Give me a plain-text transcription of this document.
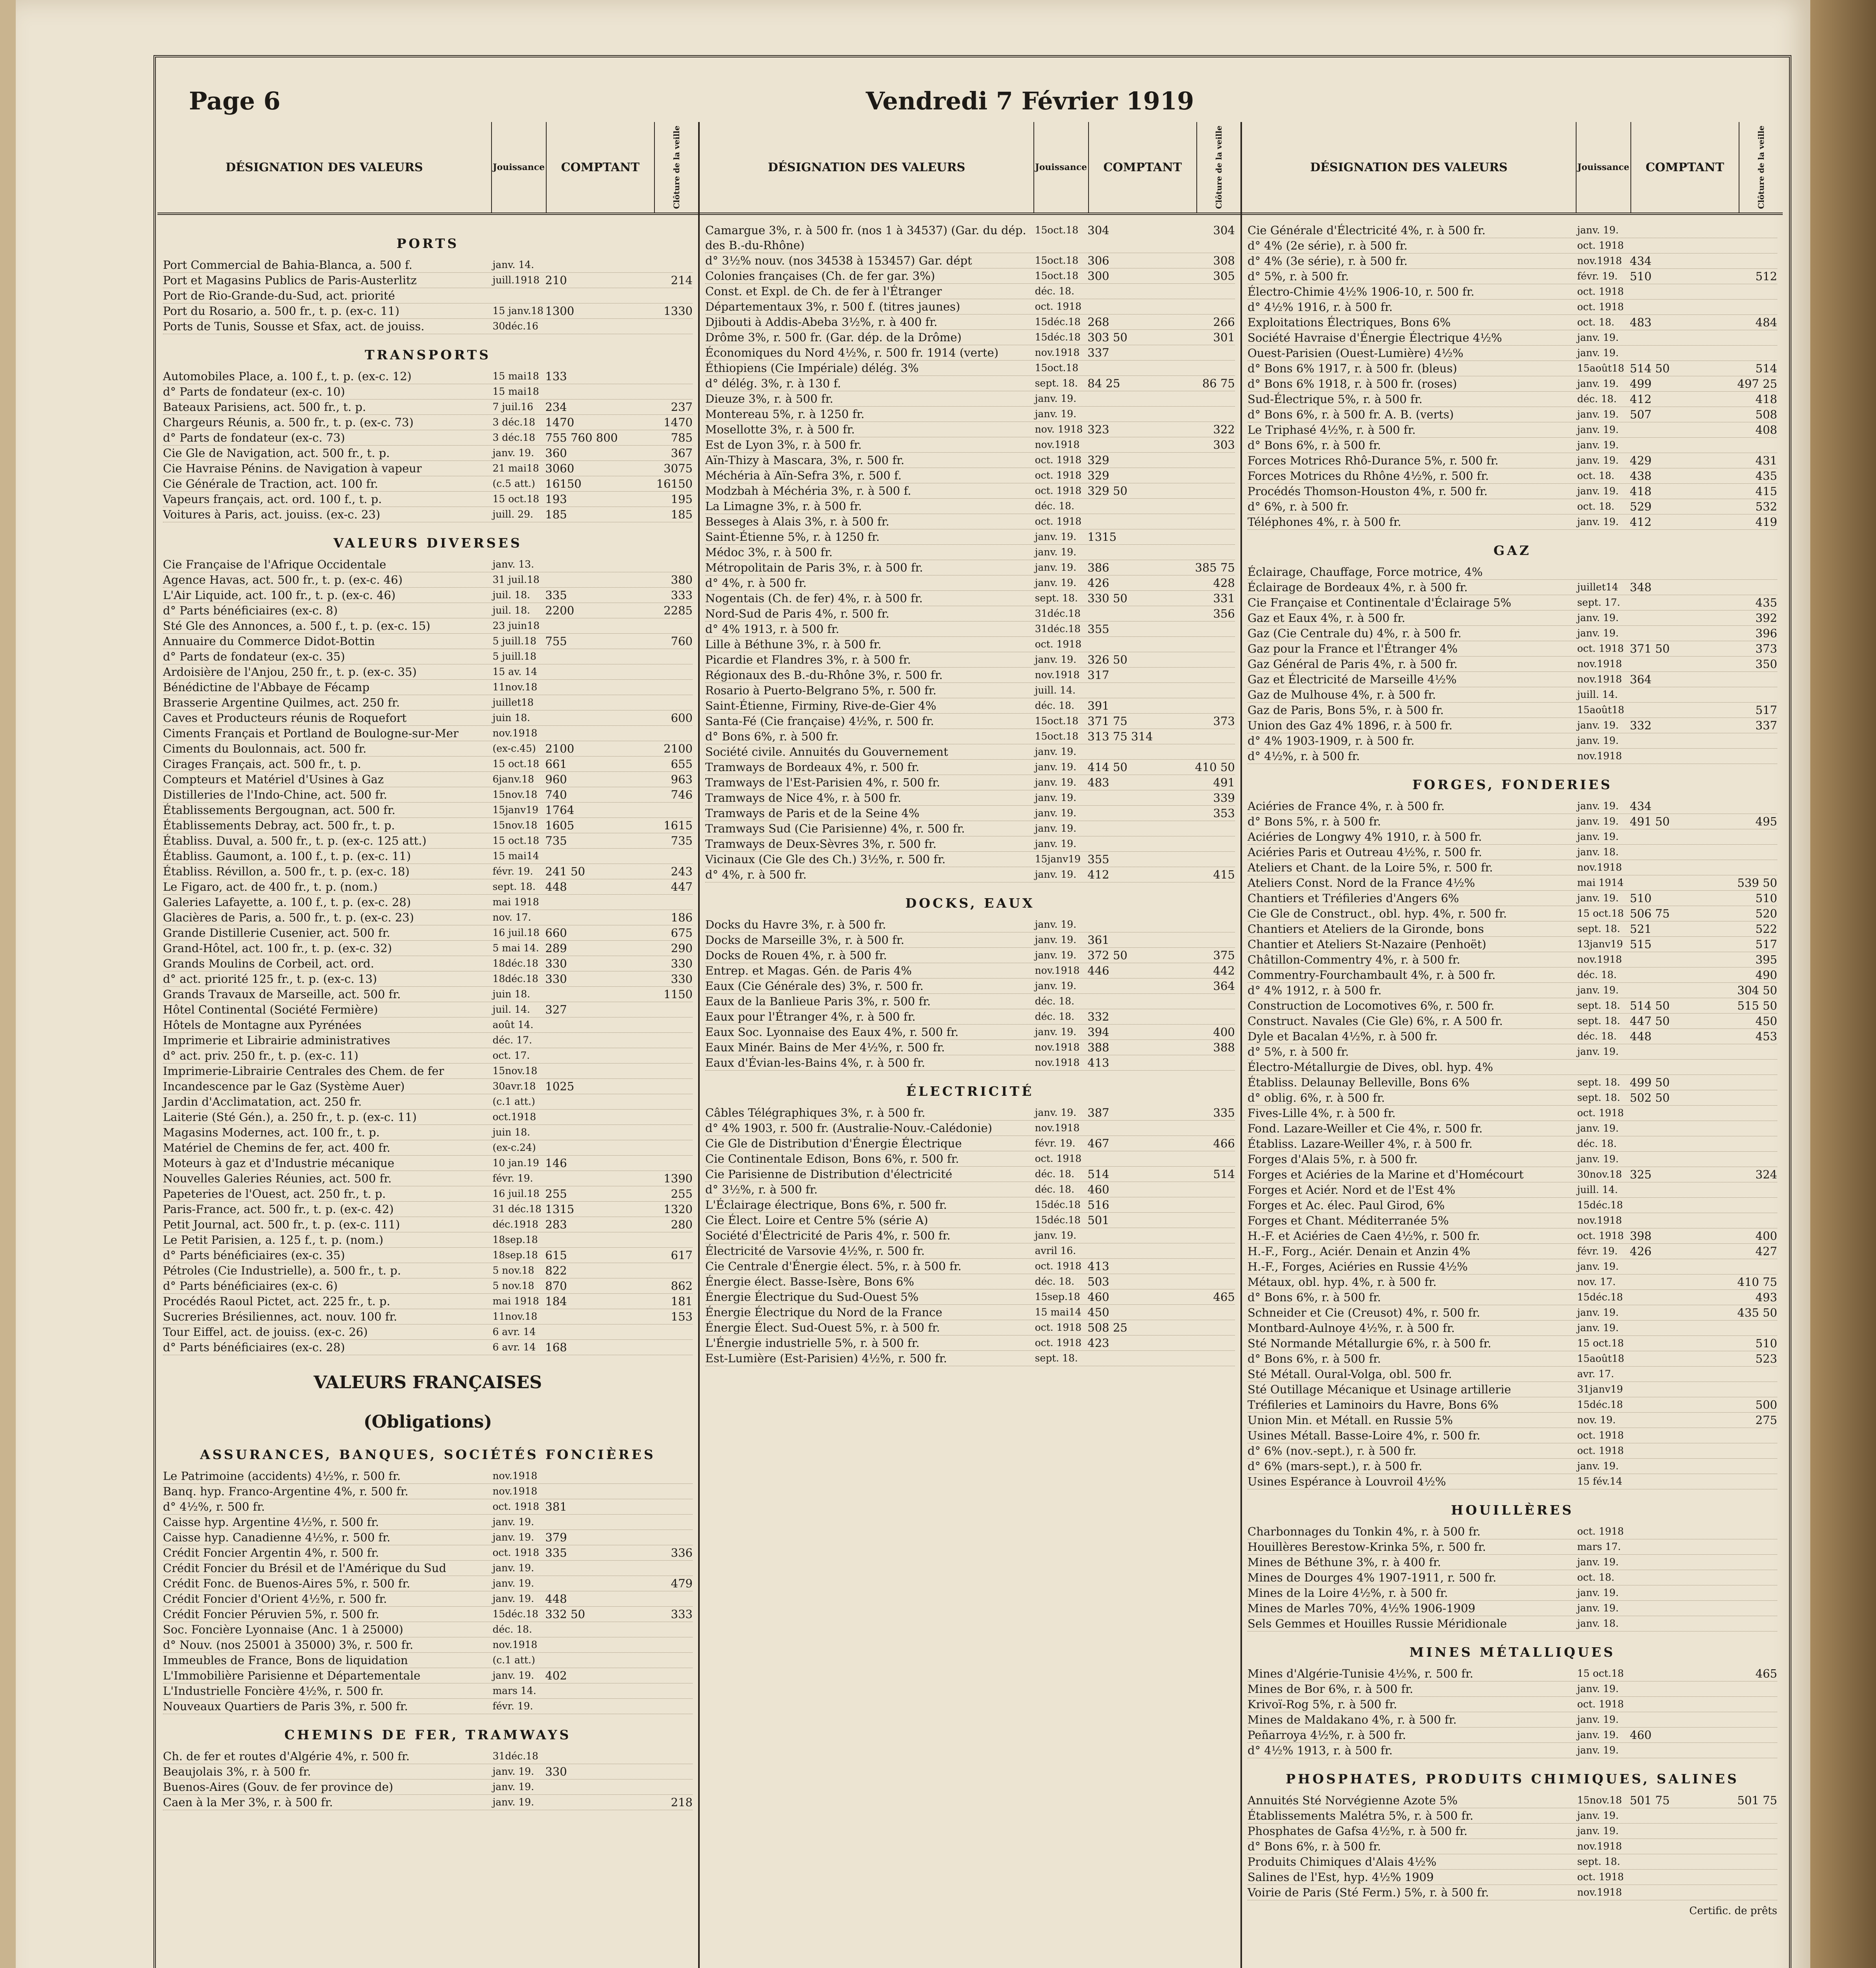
Page 6	Vendredi 7 Février 1919
DÉSIGNATION DES VALEURS	Jouissance	COMPTANT	Clôture de la veille
PORTS
Port Commercial de Bahia-Blanca, a. 500 f.	janv. 14.
Port et Magasins Publics de Paris-Austerlitz	juill.1918 210	214
Port de Rio-Grande-du-Sud, act. priorité
Port du Rosario, a. 500 fr., t. p. (ex-c. 11)	15 janv.18 1300	1330
Ports de Tunis, Sousse et Sfax, act. de jouiss.	30déc.16
TRANSPORTS
Automobiles Place, a. 100 f., t. p. (ex-c. 12)	15 mai18 133
d° Parts de fondateur (ex-c. 10)	15 mai18
Bateaux Parisiens, act. 500 fr., t. p.	7 juil.16	234	237
Chargeurs Réunis, a. 500 fr., t. p. (ex-c. 73)	3 déc.18 1470	1470
d° Parts de fondateur (ex-c. 73)	3 déc.18 755 760 800	785
Cie Gle de Navigation, act. 500 fr., t. p.	janv. 19. 360	367
Cie Havraise Pénins. de Navigation à vapeur	21 mai18 3060	3075
Cie Générale de Traction, act. 100 fr.	(c.5 att.) 16150	16150
Vapeurs français, act. ord. 100 f., t. p.	15 oct.18 193	195
Voitures à Paris, act. jouiss. (ex-c. 23)	juill. 29.	185	185
VALEURS DIVERSES
Cie Française de l'Afrique Occidentale	janv. 13.
Agence Havas, act. 500 fr., t. p. (ex-c. 46)	31 juil.18	380
L'Air Liquide, act. 100 fr., t. p. (ex-c. 46)	juil. 18.	335	333
d° Parts bénéficiaires (ex-c. 8)	juil. 18.	2200	2285
Sté Gle des Annonces, a. 500 f., t. p. (ex-c. 15)	23 juin18
Annuaire du Commerce Didot-Bottin	5 juill.18 755	760
d° Parts de fondateur (ex-c. 35)	5 juill.18
Ardoisière de l'Anjou, 250 fr., t. p. (ex-c. 35)	15 av. 14
Bénédictine de l'Abbaye de Fécamp	11nov.18
Brasserie Argentine Quilmes, act. 250 fr.	juillet18
Caves et Producteurs réunis de Roquefort	juin 18.	600
Ciments Français et Portland de Boulogne-sur-Mer	nov.1918
Ciments du Boulonnais, act. 500 fr.	(ex-c.45) 2100	2100
Cirages Français, act. 500 fr., t. p.	15 oct.18 661	655
Compteurs et Matériel d'Usines à Gaz	6janv.18 960	963
Distilleries de l'Indo-Chine, act. 500 fr.	15nov.18 740	746
Établissements Bergougnan, act. 500 fr.	15janv19 1764
Établissements Debray, act. 500 fr., t. p.	15nov.18 1605	1615
Établiss. Duval, a. 500 fr., t. p. (ex-c. 125 att.)	15 oct.18 735	735
Établiss. Gaumont, a. 100 f., t. p. (ex-c. 11)	15 mai14
Établiss. Révillon, a. 500 fr., t. p. (ex-c. 18)	févr. 19.	241 50	243
Le Figaro, act. de 400 fr., t. p. (nom.)	sept. 18. 448	447
Galeries Lafayette, a. 100 f., t. p. (ex-c. 28)	mai 1918
Glacières de Paris, a. 500 fr., t. p. (ex-c. 23)	nov. 17.	186
Grande Distillerie Cusenier, act. 500 fr.	16 juil.18 660	675
Grand-Hôtel, act. 100 fr., t. p. (ex-c. 32)	5 mai 14. 289	290
Grands Moulins de Corbeil, act. ord.	18déc.18 330	330
d° act. priorité 125 fr., t. p. (ex-c. 13)	18déc.18 330	330
Grands Travaux de Marseille, act. 500 fr.	juin 18.	1150
Hôtel Continental (Société Fermière)	juil. 14.	327
Hôtels de Montagne aux Pyrénées	août 14.
Imprimerie et Librairie administratives	déc. 17.
d° act. priv. 250 fr., t. p. (ex-c. 11)	oct. 17.
Imprimerie-Librairie Centrales des Chem. de fer	15nov.18
Incandescence par le Gaz (Système Auer)	30avr.18 1025
Jardin d'Acclimatation, act. 250 fr.	(c.1 att.)
Laiterie (Sté Gén.), a. 250 fr., t. p. (ex-c. 11)	oct.1918
Magasins Modernes, act. 100 fr., t. p.	juin 18.
Matériel de Chemins de fer, act. 400 fr.	(ex-c.24)
Moteurs à gaz et d'Industrie mécanique	10 jan.19 146
Nouvelles Galeries Réunies, act. 500 fr.	févr. 19.	1390
Papeteries de l'Ouest, act. 250 fr., t. p.	16 juil.18 255	255
Paris-France, act. 500 fr., t. p. (ex-c. 42)	31 déc.18 1315	1320
Petit Journal, act. 500 fr., t. p. (ex-c. 111)	déc.1918 283	280
Le Petit Parisien, a. 125 f., t. p. (nom.)	18sep.18
d° Parts bénéficiaires (ex-c. 35)	18sep.18 615	617
Pétroles (Cie Industrielle), a. 500 fr., t. p.	5 nov.18 822
d° Parts bénéficiaires (ex-c. 6)	5 nov.18 870	862
Procédés Raoul Pictet, act. 225 fr., t. p.	mai 1918 184	181
Sucreries Brésiliennes, act. nouv. 100 fr.	11nov.18	153
Tour Eiffel, act. de jouiss. (ex-c. 26)	6 avr. 14
d° Parts bénéficiaires (ex-c. 28)	6 avr. 14 168
VALEURS FRANÇAISES
(Obligations)
ASSURANCES, BANQUES, SOCIÉTÉS FONCIÈRES
Le Patrimoine (accidents) 4½%, r. 500 fr.	nov.1918
Banq. hyp. Franco-Argentine 4%, r. 500 fr.	nov.1918
d° 4½%, r. 500 fr.	oct. 1918 381
Caisse hyp. Argentine 4½%, r. 500 fr.	janv. 19.
Caisse hyp. Canadienne 4½%, r. 500 fr.	janv. 19. 379
Crédit Foncier Argentin 4%, r. 500 fr.	oct. 1918 335	336
Crédit Foncier du Brésil et de l'Amérique du Sud	janv. 19.
Crédit Fonc. de Buenos-Aires 5%, r. 500 fr.	janv. 19.	479
Crédit Foncier d'Orient 4½%, r. 500 fr.	janv. 19. 448
Crédit Foncier Péruvien 5%, r. 500 fr.	15déc.18 332 50	333
Soc. Foncière Lyonnaise (Anc. 1 à 25000)	déc. 18.
d° Nouv. (nos 25001 à 35000) 3%, r. 500 fr.	nov.1918
Immeubles de France, Bons de liquidation	(c.1 att.)
L'Immobilière Parisienne et Départementale	janv. 19. 402
L'Industrielle Foncière 4½%, r. 500 fr.	mars 14.
Nouveaux Quartiers de Paris 3%, r. 500 fr.	févr. 19.
CHEMINS DE FER, TRAMWAYS
Ch. de fer et routes d'Algérie 4%, r. 500 fr.	31déc.18
Beaujolais 3%, r. à 500 fr.	janv. 19. 330
Buenos-Aires (Gouv. de fer province de)	janv. 19.
Caen à la Mer 3%, r. à 500 fr.	janv. 19.	218
DÉSIGNATION DES VALEURS	Jouissance	COMPTANT	Clôture de la veille
Camargue 3%, r. à 500 fr. (nos 1 à 34537) (Gar. du dép. des B.-du-Rhône)
15oct.18 304	304
d° 3½% nouv. (nos 34538 à 153457) Gar. dépt	15oct.18 306	308
Colonies françaises (Ch. de fer gar. 3%)	15oct.18 300	305
Const. et Expl. de Ch. de fer à l'Étranger	déc. 18.
Départementaux 3%, r. 500 f. (titres jaunes)	oct. 1918
Djibouti à Addis-Abeba 3½%, r. à 400 fr.	15déc.18 268	266
Drôme 3%, r. 500 fr. (Gar. dép. de la Drôme)	15déc.18 303 50	301
Économiques du Nord 4½%, r. 500 fr. 1914 (verte)	nov.1918 337
Éthiopiens (Cie Impériale) délég. 3%	15oct.18
d° délég. 3%, r. à 130 f.	sept. 18. 84 25	86 75
Dieuze 3%, r. à 500 fr.	janv. 19.
Montereau 5%, r. à 1250 fr.	janv. 19.
Mosellotte 3%, r. à 500 fr.	nov. 1918 323	322
Est de Lyon 3%, r. à 500 fr.	nov.1918	303
Aïn-Thizy à Mascara, 3%, r. 500 fr.	oct. 1918 329
Méchéria à Aïn-Sefra 3%, r. 500 f.	oct. 1918 329
Modzbah à Méchéria 3%, r. à 500 f.	oct. 1918 329 50
La Limagne 3%, r. à 500 fr.	déc. 18.
Besseges à Alais 3%, r. à 500 fr.	oct. 1918
Saint-Étienne 5%, r. à 1250 fr.	janv. 19. 1315
Médoc 3%, r. à 500 fr.	janv. 19.
Métropolitain de Paris 3%, r. à 500 fr.	janv. 19. 386	385 75
d° 4%, r. à 500 fr.	janv. 19. 426	428
Nogentais (Ch. de fer) 4%, r. à 500 fr.	sept. 18. 330 50	331
Nord-Sud de Paris 4%, r. 500 fr.	31déc.18	356
d° 4% 1913, r. à 500 fr.	31déc.18 355
Lille à Béthune 3%, r. à 500 fr.	oct. 1918
Picardie et Flandres 3%, r. à 500 fr.	janv. 19. 326 50
Régionaux des B.-du-Rhône 3%, r. 500 fr.	nov.1918 317
Rosario à Puerto-Belgrano 5%, r. 500 fr.	juill. 14.
Saint-Étienne, Firminy, Rive-de-Gier 4%	déc. 18.	391
Santa-Fé (Cie française) 4½%, r. 500 fr.	15oct.18 371 75	373
d° Bons 6%, r. à 500 fr.	15oct.18 313 75 314
Société civile. Annuités du Gouvernement	janv. 19.
Tramways de Bordeaux 4%, r. 500 fr.	janv. 19. 414 50	410 50
Tramways de l'Est-Parisien 4%, r. 500 fr.	janv. 19. 483	491
Tramways de Nice 4%, r. à 500 fr.	janv. 19.	339
Tramways de Paris et de la Seine 4%	janv. 19.	353
Tramways Sud (Cie Parisienne) 4%, r. 500 fr.	janv. 19.
Tramways de Deux-Sèvres 3%, r. 500 fr.	janv. 19.
Vicinaux (Cie Gle des Ch.) 3½%, r. 500 fr.	15janv19 355
d° 4%, r. à 500 fr.	janv. 19. 412	415
DOCKS, EAUX
Docks du Havre 3%, r. à 500 fr.	janv. 19.
Docks de Marseille 3%, r. à 500 fr.	janv. 19. 361
Docks de Rouen 4%, r. à 500 fr.	janv. 19. 372 50	375
Entrep. et Magas. Gén. de Paris 4%	nov.1918 446	442
Eaux (Cie Générale des) 3%, r. 500 fr.	janv. 19.	364
Eaux de la Banlieue Paris 3%, r. 500 fr.	déc. 18.
Eaux pour l'Étranger 4%, r. à 500 fr.	déc. 18.	332
Eaux Soc. Lyonnaise des Eaux 4%, r. 500 fr.	janv. 19. 394	400
Eaux Minér. Bains de Mer 4½%, r. 500 fr.	nov.1918 388	388
Eaux d'Évian-les-Bains 4%, r. à 500 fr.	nov.1918 413
ÉLECTRICITÉ
Câbles Télégraphiques 3%, r. à 500 fr.	janv. 19. 387	335
d° 4% 1903, r. 500 fr. (Australie-Nouv.-Calédonie)	nov.1918
Cie Gle de Distribution d'Énergie Électrique	févr. 19.	467	466
Cie Continentale Edison, Bons 6%, r. 500 fr.	oct. 1918
Cie Parisienne de Distribution d'électricité	déc. 18.	514	514
d° 3½%, r. à 500 fr.	déc. 18.	460
L'Éclairage électrique, Bons 6%, r. 500 fr.	15déc.18 516
Cie Élect. Loire et Centre 5% (série A)	15déc.18 501
Société d'Électricité de Paris 4%, r. 500 fr.	janv. 19.
Électricité de Varsovie 4½%, r. 500 fr.	avril 16.
Cie Centrale d'Énergie élect. 5%, r. à 500 fr.	oct. 1918 413
Énergie élect. Basse-Isère, Bons 6%	déc. 18.	503
Énergie Électrique du Sud-Ouest 5%	15sep.18 460	465
Énergie Électrique du Nord de la France	15 mai14 450
Énergie Élect. Sud-Ouest 5%, r. à 500 fr.	oct. 1918 508 25
L'Énergie industrielle 5%, r. à 500 fr.	oct. 1918 423
Est-Lumière (Est-Parisien) 4½%, r. 500 fr.	sept. 18.
DÉSIGNATION DES VALEURS	Jouissance	COMPTANT	Clôture de la veille
Cie Générale d'Électricité 4%, r. à 500 fr.	janv. 19.
d° 4% (2e série), r. à 500 fr.	oct. 1918
d° 4% (3e série), r. à 500 fr.	nov.1918 434
d° 5%, r. à 500 fr.	févr. 19.	510	512
Électro-Chimie 4½% 1906-10, r. 500 fr.	oct. 1918
d° 4½% 1916, r. à 500 fr.	oct. 1918
Exploitations Électriques, Bons 6%	oct. 18.	483	484
Société Havraise d'Énergie Électrique 4½%	janv. 19.
Ouest-Parisien (Ouest-Lumière) 4½%	janv. 19.
d° Bons 6% 1917, r. à 500 fr. (bleus)	15août18 514 50	514
d° Bons 6% 1918, r. à 500 fr. (roses)	janv. 19. 499	497 25
Sud-Électrique 5%, r. à 500 fr.	déc. 18.	412	418
d° Bons 6%, r. à 500 fr. A. B. (verts)	janv. 19. 507	508
Le Triphasé 4½%, r. à 500 fr.	janv. 19.	408
d° Bons 6%, r. à 500 fr.	janv. 19.
Forces Motrices Rhô-Durance 5%, r. 500 fr.	janv. 19. 429	431
Forces Motrices du Rhône 4½%, r. 500 fr.	oct. 18.	438	435
Procédés Thomson-Houston 4%, r. 500 fr.	janv. 19. 418	415
d° 6%, r. à 500 fr.	oct. 18.	529	532
Téléphones 4%, r. à 500 fr.	janv. 19. 412	419
GAZ
Éclairage, Chauffage, Force motrice, 4%
Éclairage de Bordeaux 4%, r. à 500 fr.	juillet14	348
Cie Française et Continentale d'Éclairage 5%	sept. 17.	435
Gaz et Eaux 4%, r. à 500 fr.	janv. 19.	392
Gaz (Cie Centrale du) 4%, r. à 500 fr.	janv. 19.	396
Gaz pour la France et l'Étranger 4%	oct. 1918 371 50	373
Gaz Général de Paris 4%, r. à 500 fr.	nov.1918	350
Gaz et Électricité de Marseille 4½%	nov.1918 364
Gaz de Mulhouse 4%, r. à 500 fr.	juill. 14.
Gaz de Paris, Bons 5%, r. à 500 fr.	15août18	517
Union des Gaz 4% 1896, r. à 500 fr.	janv. 19. 332	337
d° 4% 1903-1909, r. à 500 fr.	janv. 19.
d° 4½%, r. à 500 fr.	nov.1918
FORGES, FONDERIES
Aciéries de France 4%, r. à 500 fr.	janv. 19. 434
d° Bons 5%, r. à 500 fr.	janv. 19. 491 50	495
Aciéries de Longwy 4% 1910, r. à 500 fr.	janv. 19.
Aciéries Paris et Outreau 4½%, r. 500 fr.	janv. 18.
Ateliers et Chant. de la Loire 5%, r. 500 fr.	nov.1918
Ateliers Const. Nord de la France 4½%	mai 1914	539 50
Chantiers et Tréfileries d'Angers 6%	janv. 19. 510	510
Cie Gle de Construct., obl. hyp. 4%, r. 500 fr.	15 oct.18 506 75	520
Chantiers et Ateliers de la Gironde, bons	sept. 18. 521	522
Chantier et Ateliers St-Nazaire (Penhoët)	13janv19 515	517
Châtillon-Commentry 4%, r. à 500 fr.	nov.1918	395
Commentry-Fourchambault 4%, r. à 500 fr.	déc. 18.	490
d° 4% 1912, r. à 500 fr.	janv. 19.	304 50
Construction de Locomotives 6%, r. 500 fr.	sept. 18. 514 50	515 50
Construct. Navales (Cie Gle) 6%, r. A 500 fr.	sept. 18. 447 50	450
Dyle et Bacalan 4½%, r. à 500 fr.	déc. 18.	448	453
d° 5%, r. à 500 fr.	janv. 19.
Électro-Métallurgie de Dives, obl. hyp. 4%
Établiss. Delaunay Belleville, Bons 6%	sept. 18. 499 50
d° oblig. 6%, r. à 500 fr.	sept. 18. 502 50
Fives-Lille 4%, r. à 500 fr.	oct. 1918
Fond. Lazare-Weiller et Cie 4%, r. 500 fr.	janv. 19.
Établiss. Lazare-Weiller 4%, r. à 500 fr.	déc. 18.
Forges d'Alais 5%, r. à 500 fr.	janv. 19.
Forges et Aciéries de la Marine et d'Homécourt	30nov.18 325	324
Forges et Aciér. Nord et de l'Est 4%	juill. 14.
Forges et Ac. élec. Paul Girod, 6%	15déc.18
Forges et Chant. Méditerranée 5%	nov.1918
H.-F. et Aciéries de Caen 4½%, r. 500 fr.	oct. 1918 398	400
H.-F., Forg., Aciér. Denain et Anzin 4%	févr. 19.	426	427
H.-F., Forges, Aciéries en Russie 4½%	janv. 19.
Métaux, obl. hyp. 4%, r. à 500 fr.	nov. 17.	410 75
d° Bons 6%, r. à 500 fr.	15déc.18	493
Schneider et Cie (Creusot) 4%, r. 500 fr.	janv. 19.	435 50
Montbard-Aulnoye 4½%, r. à 500 fr.	janv. 19.
Sté Normande Métallurgie 6%, r. à 500 fr.	15 oct.18	510
d° Bons 6%, r. à 500 fr.	15août18	523
Sté Métall. Oural-Volga, obl. 500 fr.	avr. 17.
Sté Outillage Mécanique et Usinage artillerie	31janv19
Tréfileries et Laminoirs du Havre, Bons 6%	15déc.18	500
Union Min. et Métall. en Russie 5%	nov. 19.	275
Usines Métall. Basse-Loire 4%, r. 500 fr.	oct. 1918
d° 6% (nov.-sept.), r. à 500 fr.	oct. 1918
d° 6% (mars-sept.), r. à 500 fr.	janv. 19.
Usines Espérance à Louvroil 4½%	15 fév.14
HOUILLÈRES
Charbonnages du Tonkin 4%, r. à 500 fr.	oct. 1918
Houillères Berestow-Krinka 5%, r. 500 fr.	mars 17.
Mines de Béthune 3%, r. à 400 fr.	janv. 19.
Mines de Dourges 4% 1907-1911, r. 500 fr.	oct. 18.
Mines de la Loire 4½%, r. à 500 fr.	janv. 19.
Mines de Marles 70%, 4½% 1906-1909	janv. 19.
Sels Gemmes et Houilles Russie Méridionale	janv. 18.
MINES MÉTALLIQUES
Mines d'Algérie-Tunisie 4½%, r. 500 fr.	15 oct.18	465
Mines de Bor 6%, r. à 500 fr.	janv. 19.
Krivoï-Rog 5%, r. à 500 fr.	oct. 1918
Mines de Maldakano 4%, r. à 500 fr.	janv. 19.
Peñarroya 4½%, r. à 500 fr.	janv. 19. 460
d° 4½% 1913, r. à 500 fr.	janv. 19.
PHOSPHATES, PRODUITS CHIMIQUES, SALINES
Annuités Sté Norvégienne Azote 5%	15nov.18 501 75	501 75
Établissements Malétra 5%, r. à 500 fr.	janv. 19.
Phosphates de Gafsa 4½%, r. à 500 fr.	janv. 19.
d° Bons 6%, r. à 500 fr.	nov.1918
Produits Chimiques d'Alais 4½%	sept. 18.
Salines de l'Est, hyp. 4½% 1909	oct. 1918
Voirie de Paris (Sté Ferm.) 5%, r. à 500 fr.	nov.1918
Certific. de prêts
